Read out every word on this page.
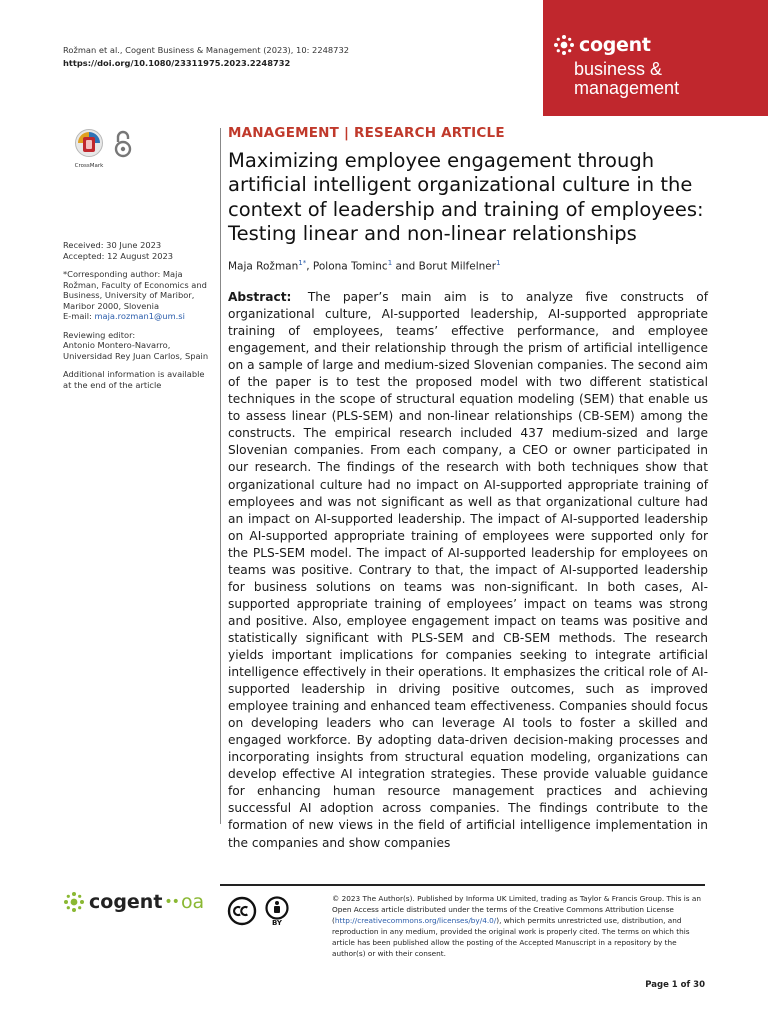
Rožman et al., Cogent Business & Management (2023), 10: 2248732
https://doi.org/10.1080/23311975.2023.2248732
cogent
business &
management
CrossMark
Received: 30 June 2023
Accepted: 12 August 2023
*Corresponding author: Maja Rožman, Faculty of Economics and Business, University of Maribor, Maribor 2000, Slovenia
E-mail: maja.rozman1@um.si
Reviewing editor:
Antonio Montero-Navarro, Universidad Rey Juan Carlos, Spain
Additional information is available at the end of the article
MANAGEMENT | RESEARCH ARTICLE
Maximizing employee engagement through artificial intelligent organizational culture in the context of leadership and training of employees: Testing linear and non-linear relationships
Maja Rožman$^{1*}$, Polona Tominc$^1$ and Borut Milfelner$^1$

Abstract: The paper’s main aim is to analyze five constructs of organizational culture, AI-supported leadership, AI-supported appropriate training of employees, teams’ effective performance, and employee engagement, and their relationship through the prism of artificial intelligence on a sample of large and medium-sized Slovenian companies. The second aim of the paper is to test the proposed model with two different statistical techniques in the scope of structural equation modeling (SEM) that enable us to assess linear (PLS-SEM) and non-linear relationships (CB-SEM) among the constructs. The empirical research included 437 medium-sized and large Slovenian companies. From each company, a CEO or owner participated in our research. The findings of the research with both techniques show that organizational culture had no impact on AI-supported appropriate training of employees and was not significant as well as that organizational culture had an impact on AI-supported leadership. The impact of AI-supported leadership on AI-supported appropriate training of employees were supported only for the PLS-SEM model. The impact of AI-supported leadership for employees on teams was positive. Contrary to that, the impact of AI-supported leadership for business solutions on teams was non-significant. In both cases, AI-supported appropriate training of employees’ impact on teams was strong and positive. Also, employee engagement impact on teams was positive and statistically significant with PLS-SEM and CB-SEM methods. The research yields important implications for companies seeking to integrate artificial intelligence effectively in their operations. It emphasizes the critical role of AI-supported leadership in driving positive outcomes, such as improved employee training and enhanced team effectiveness. Companies should focus on developing leaders who can leverage AI tools to foster a skilled and engaged workforce. By adopting data-driven decision-making processes and incorporating insights from structural equation modeling, organizations can develop effective AI integration strategies. These provide valuable guidance for enhancing human resource management practices and achieving successful AI adoption across companies. The findings contribute to the formation of new views in the field of artificial intelligence implementation in the companies and show companies

cogent •• oa
BY

© 2023 The Author(s). Published by Informa UK Limited, trading as Taylor & Francis Group. This is an Open Access article distributed under the terms of the Creative Commons Attribution License (http://creativecommons.org/licenses/by/4.0/), which permits unrestricted use, distribution, and reproduction in any medium, provided the original work is properly cited. The terms on which this article has been published allow the posting of the Accepted Manuscript in a repository by the author(s) or with their consent.

Page 1 of 30
